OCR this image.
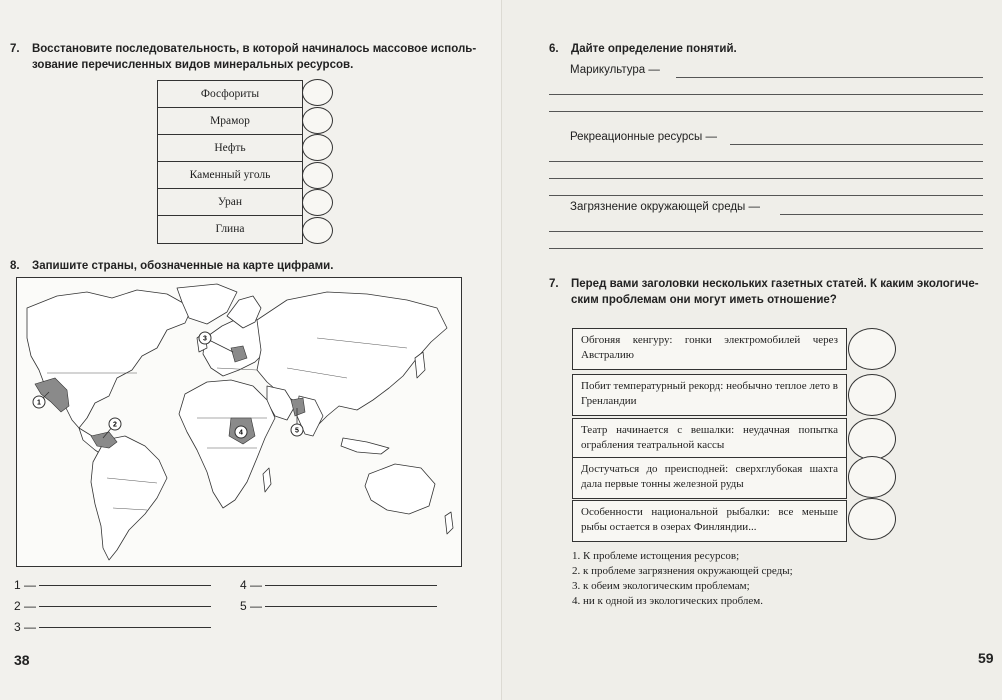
7. Восстановите последовательность, в которой начиналось массовое исполь-
зование перечисленных видов минеральных ресурсов.
Фосфориты
Мрамор
Нефть
Каменный уголь
Уран
Глина
8. Запишите страны, обозначенные на карте цифрами.
1
2
3
4	5
1 —
2 —
3 —
4 —
5 —
38
6. Дайте определение понятий.
Марикультура —
Рекреационные ресурсы —
Загрязнение окружающей среды —
7. Перед вами заголовки нескольких газетных статей. К каким экологиче-
ским проблемам они могут иметь отношение?
Обгоняя кенгуру: гонки электромобилей через Австралию
Побит температурный рекорд: необычно теплое лето в Гренландии
Театр начинается с вешалки: неудачная попытка ограбления театральной кассы
Достучаться до преисподней: сверхглубокая шахта дала первые тонны железной руды
Особенности национальной рыбалки: все меньше рыбы остается в озерах Финляндии...
1. К проблеме истощения ресурсов;
2. к проблеме загрязнения окружающей среды;
3. к обеим экологическим проблемам;
4. ни к одной из экологических проблем.
59
